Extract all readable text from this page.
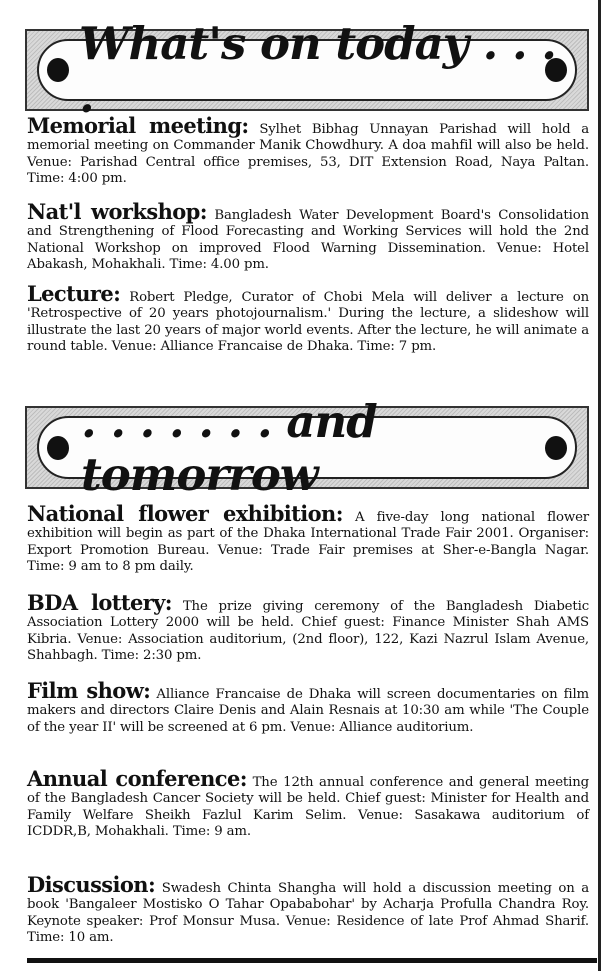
What's on today . . . .
Memorial meeting: Sylhet Bibhag Unnayan Parishad will hold a memorial meeting on Commander Manik Chowdhury. A doa mahfil will also be held. Venue: Parishad Central office premises, 53, DIT Extension Road, Naya Paltan. Time: 4:00 pm.
Nat'l workshop: Bangladesh Water Development Board's Consolidation and Strengthening of Flood Forecasting and Working Services will hold the 2nd National Workshop on improved Flood Warning Dissemination. Venue: Hotel Abakash, Mohakhali. Time: 4.00 pm.
Lecture: Robert Pledge, Curator of Chobi Mela will deliver a lecture on 'Retrospective of 20 years photojournalism.' During the lecture, a slideshow will illustrate the last 20 years of major world events. After the lecture, he will animate a round table. Venue: Alliance Francaise de Dhaka. Time: 7 pm.
. . . . . . . and tomorrow
National flower exhibition: A five-day long national flower exhibition will begin as part of the Dhaka International Trade Fair 2001. Organiser: Export Promotion Bureau. Venue: Trade Fair premises at Sher-e-Bangla Nagar. Time: 9 am to 8 pm daily.
BDA lottery: The prize giving ceremony of the Bangladesh Diabetic Association Lottery 2000 will be held. Chief guest: Finance Minister Shah AMS Kibria. Venue: Association auditorium, (2nd floor), 122, Kazi Nazrul Islam Avenue, Shahbagh. Time: 2:30 pm.
Film show: Alliance Francaise de Dhaka will screen documentaries on film makers and directors Claire Denis and Alain Resnais at 10:30 am while 'The Couple of the year II' will be screened at 6 pm. Venue: Alliance auditorium.
Annual conference: The 12th annual conference and general meeting of the Bangladesh Cancer Society will be held. Chief guest: Minister for Health and Family Welfare Sheikh Fazlul Karim Selim. Venue: Sasakawa auditorium of ICDDR,B, Mohakhali. Time: 9 am.
Discussion: Swadesh Chinta Shangha will hold a discussion meeting on a book 'Bangaleer Mostisko O Tahar Opababohar' by Acharja Profulla Chandra Roy. Keynote speaker: Prof Monsur Musa. Venue: Residence of late Prof Ahmad Sharif. Time: 10 am.
